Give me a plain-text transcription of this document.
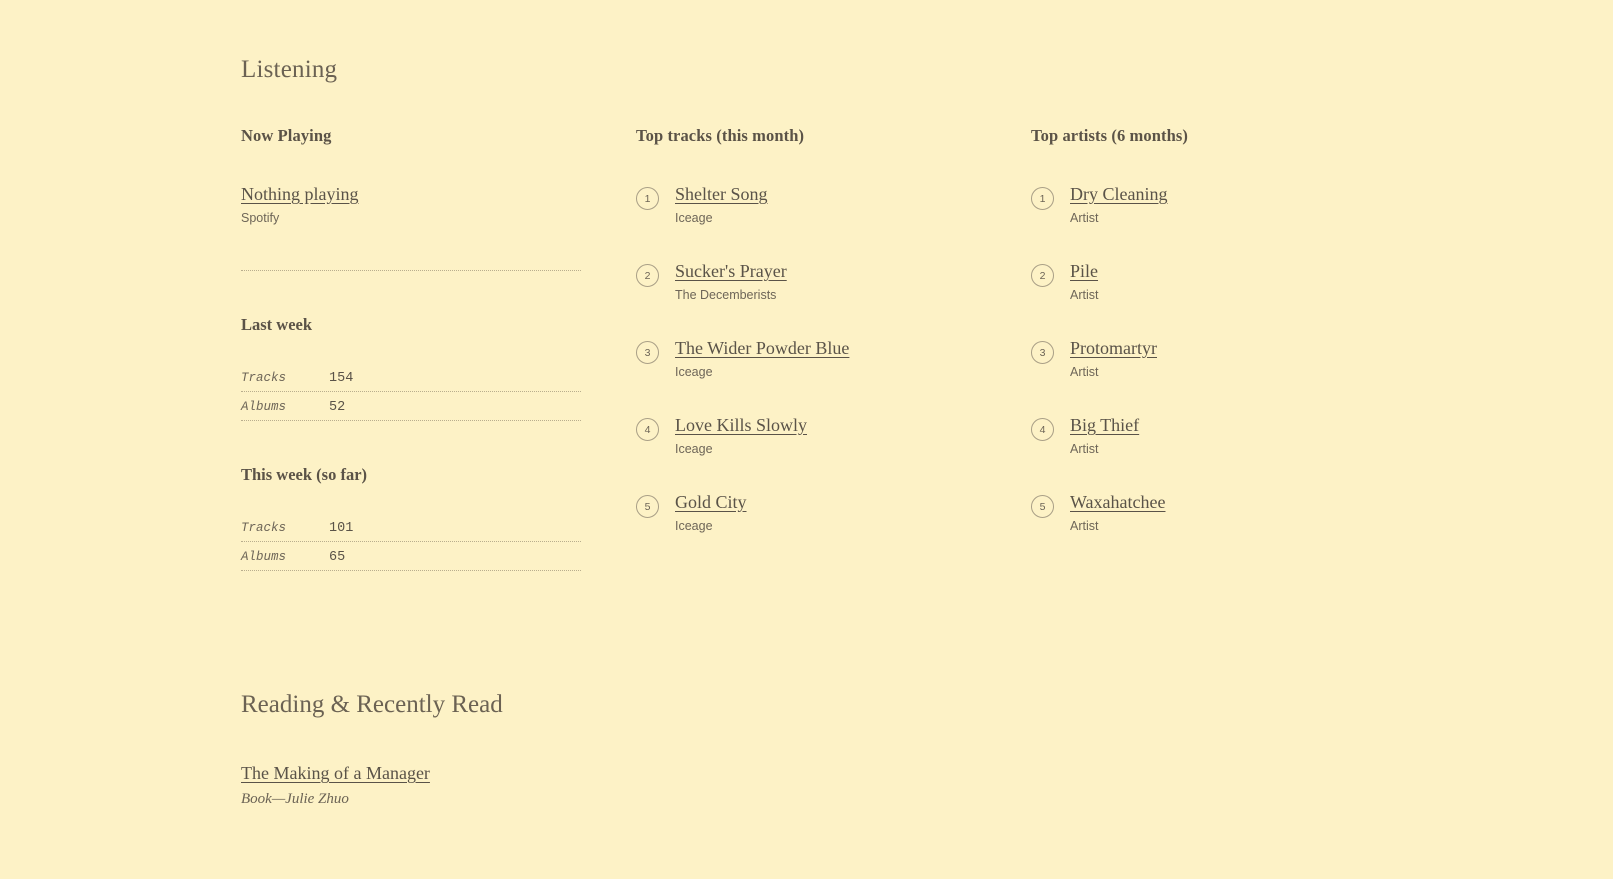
Listening
Now Playing
Nothing playing
Spotify
Last week
Tracks	154
Albums	52
This week (so far)
Tracks	101
Albums	65
Top tracks (this month)
1	Shelter Song
Iceage
2	Sucker's Prayer
The Decemberists
3	The Wider Powder Blue
Iceage
4	Love Kills Slowly
Iceage
5	Gold City
Iceage
Top artists (6 months)
1	Dry Cleaning
Artist
2	Pile
Artist
3	Protomartyr
Artist
4	Big Thief
Artist
5	Waxahatchee
Artist
Reading & Recently Read
The Making of a Manager
Book—Julie Zhuo
